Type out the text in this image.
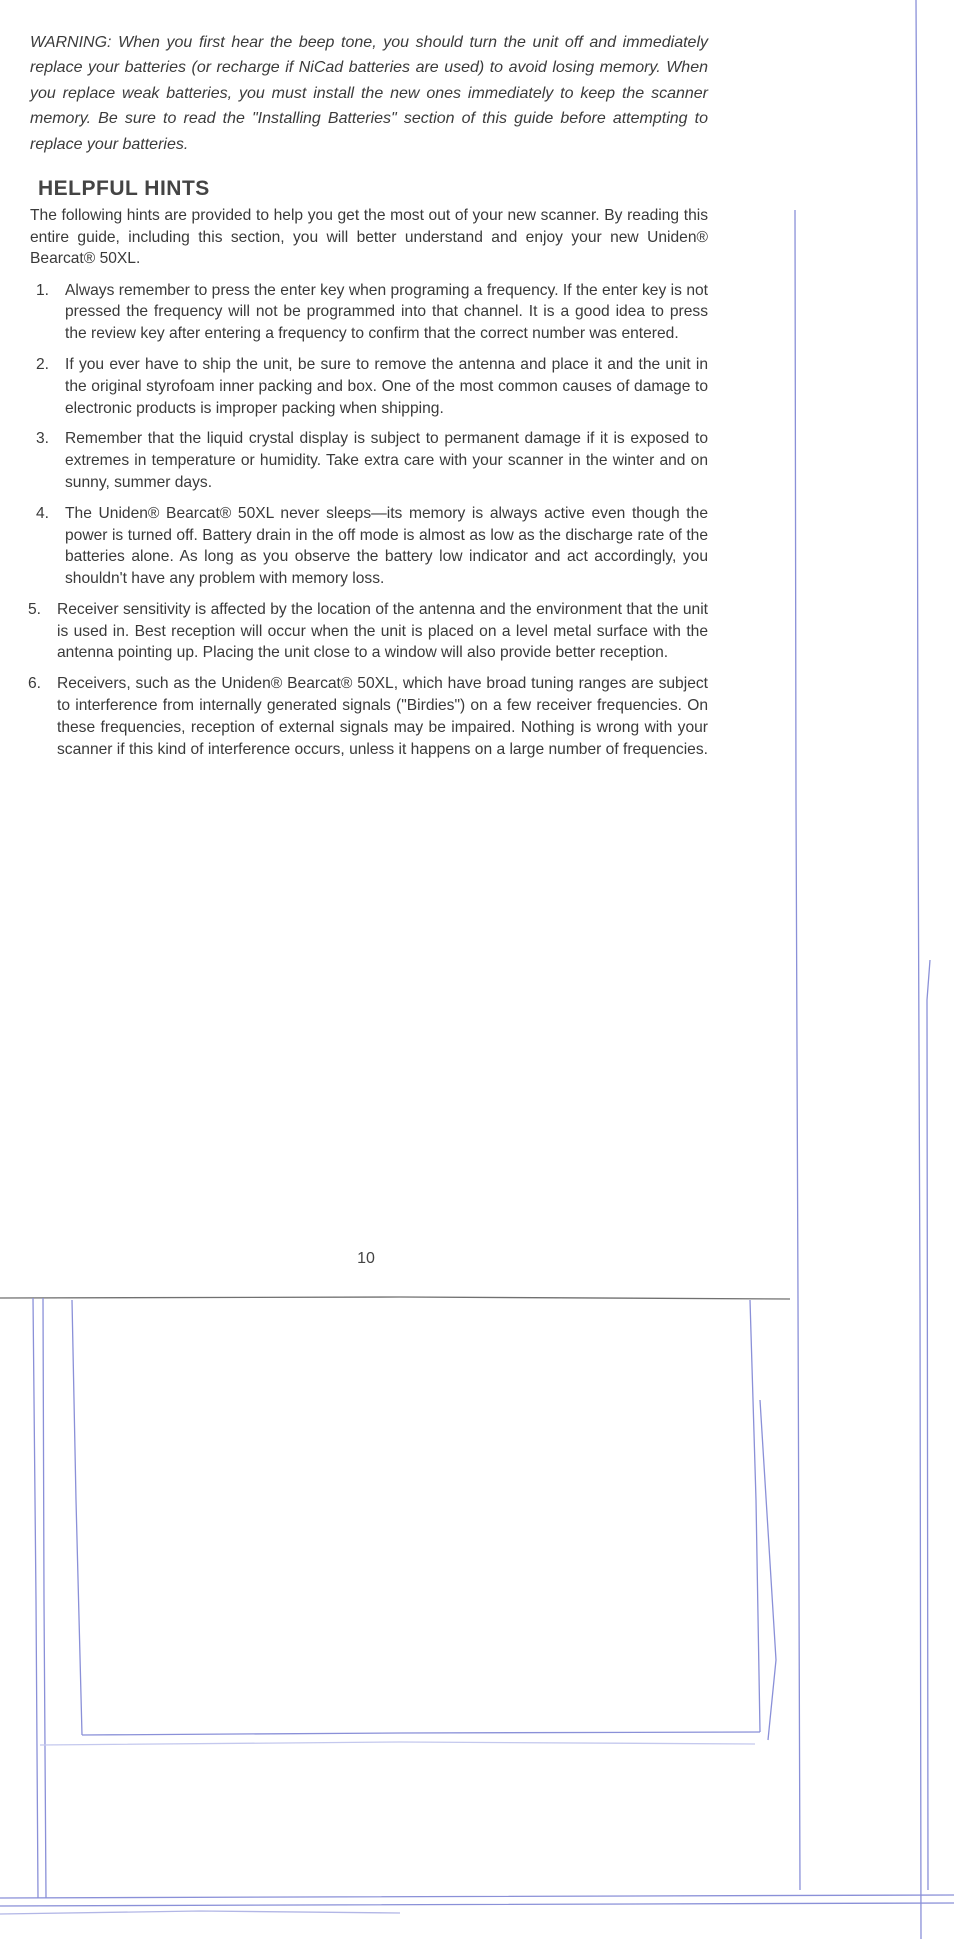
WARNING: When you first hear the beep tone, you should turn the unit off and immediately replace your batteries (or recharge if NiCad batteries are used) to avoid losing memory. When you replace weak batteries, you must install the new ones immediately to keep the scanner memory. Be sure to read the "Installing Batteries" section of this guide before attempting to replace your batteries.

HELPFUL HINTS

The following hints are provided to help you get the most out of your new scanner. By reading this entire guide, including this section, you will better understand and enjoy your new Uniden® Bearcat® 50XL.

1. Always remember to press the enter key when programing a frequency. If the enter key is not pressed the frequency will not be programmed into that channel. It is a good idea to press the review key after entering a frequency to confirm that the correct number was entered.
2. If you ever have to ship the unit, be sure to remove the antenna and place it and the unit in the original styrofoam inner packing and box. One of the most common causes of damage to electronic products is improper packing when shipping.
3. Remember that the liquid crystal display is subject to permanent damage if it is exposed to extremes in temperature or humidity. Take extra care with your scanner in the winter and on sunny, summer days.
4. The Uniden® Bearcat® 50XL never sleeps—its memory is always active even though the power is turned off. Battery drain in the off mode is almost as low as the discharge rate of the batteries alone. As long as you observe the battery low indicator and act accordingly, you shouldn't have any problem with memory loss.
5. Receiver sensitivity is affected by the location of the antenna and the environment that the unit is used in. Best reception will occur when the unit is placed on a level metal surface with the antenna pointing up. Placing the unit close to a window will also provide better reception.
6. Receivers, such as the Uniden® Bearcat® 50XL, which have broad tuning ranges are subject to interference from internally generated signals ("Birdies") on a few receiver frequencies. On these frequencies, reception of external signals may be impaired. Nothing is wrong with your scanner if this kind of interference occurs, unless it happens on a large number of frequencies.
10
